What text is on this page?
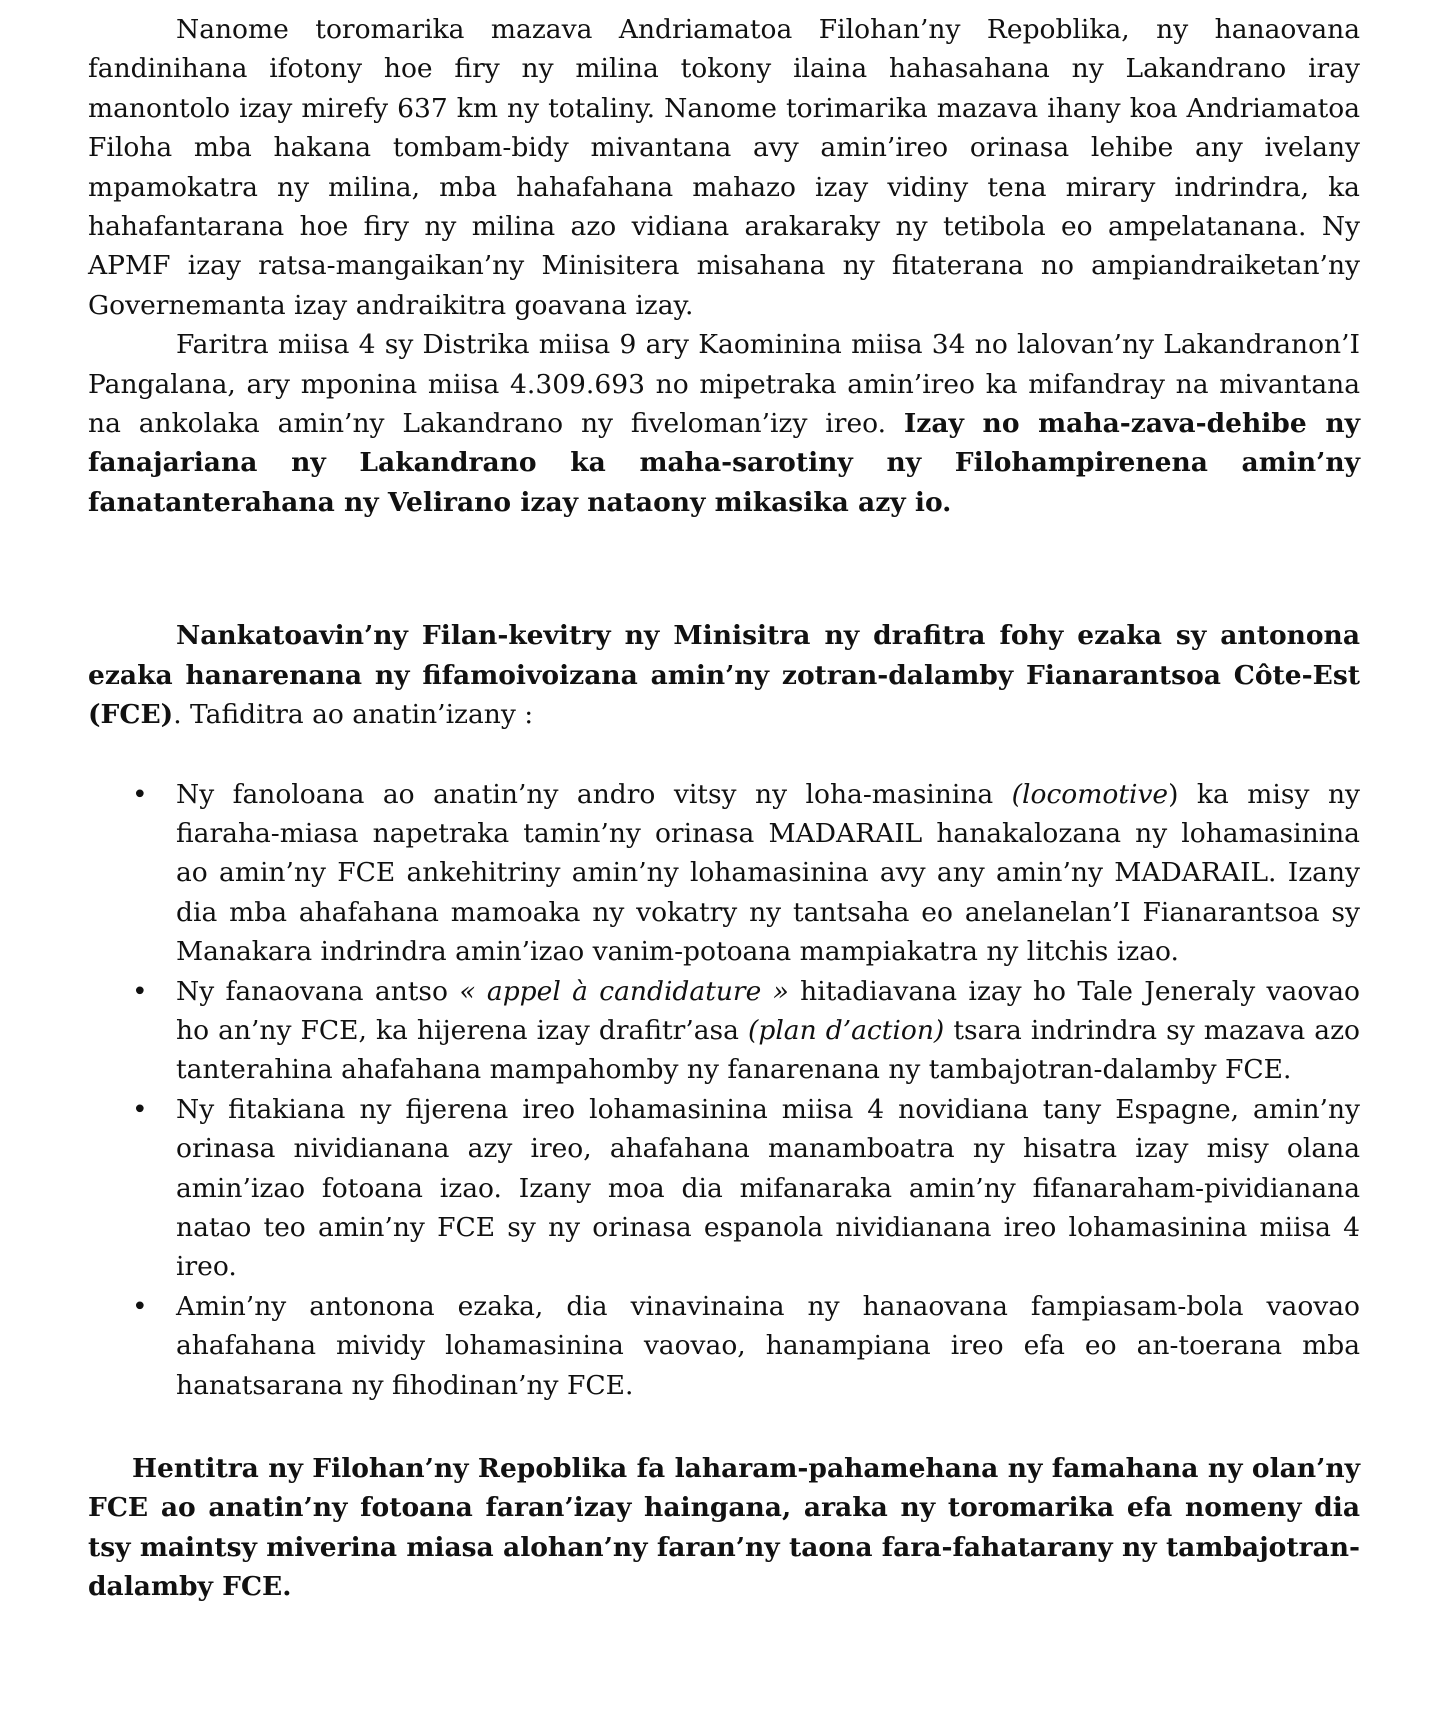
Nanome toromarika mazava Andriamatoa Filohan’ny Repoblika, ny hanaovana fandinihana ifotony hoe firy ny milina tokony ilaina hahasahana ny Lakandrano iray manontolo izay mirefy 637 km ny totaliny. Nanome torimarika mazava ihany koa Andriamatoa Filoha mba hakana tombam-bidy mivantana avy amin’ireo orinasa lehibe any ivelany mpamokatra ny milina, mba hahafahana mahazo izay vidiny tena mirary indrindra, ka hahafantarana hoe firy ny milina azo vidiana arakaraky ny tetibola eo ampelatanana. Ny APMF izay ratsa-mangaikan’ny Minisitera misahana ny fitaterana no ampiandraiketan’ny Governemanta izay andraikitra goavana izay.

Faritra miisa 4 sy Distrika miisa 9 ary Kaominina miisa 34 no lalovan’ny Lakandranon’I Pangalana, ary mponina miisa 4.309.693 no mipetraka amin’ireo ka mifandray na mivantana na ankolaka amin’ny Lakandrano ny fiveloman’izy ireo. Izay no maha-zava-dehibe ny fanajariana ny Lakandrano ka maha-sarotiny ny Filohampirenena amin’ny fanatanterahana ny Velirano izay nataony mikasika azy io.

Nankatoavin’ny Filan-kevitry ny Minisitra ny drafitra fohy ezaka sy antonona ezaka hanarenana ny fifamoivoizana amin’ny zotran-dalamby Fianarantsoa Côte-Est (FCE). Tafiditra ao anatin’izany :

• Ny fanoloana ao anatin’ny andro vitsy ny loha-masinina (locomotive) ka misy ny fiaraha-miasa napetraka tamin’ny orinasa MADARAIL hanakalozana ny lohamasinina ao amin’ny FCE ankehitriny amin’ny lohamasinina avy any amin’ny MADARAIL. Izany dia mba ahafahana mamoaka ny vokatry ny tantsaha eo anelanelan’I Fianarantsoa sy Manakara indrindra amin’izao vanim-potoana mampiakatra ny litchis izao.
• Ny fanaovana antso « appel à candidature » hitadiavana izay ho Tale Jeneraly vaovao ho an’ny FCE, ka hijerena izay drafitr’asa (plan d’action) tsara indrindra sy mazava azo tanterahina ahafahana mampahomby ny fanarenana ny tambajotran-dalamby FCE.
• Ny fitakiana ny fijerena ireo lohamasinina miisa 4 novidiana tany Espagne, amin’ny orinasa nividianana azy ireo, ahafahana manamboatra ny hisatra izay misy olana amin’izao fotoana izao. Izany moa dia mifanaraka amin’ny fifanaraham-pividianana natao teo amin’ny FCE sy ny orinasa espanola nividianana ireo lohamasinina miisa 4 ireo.
• Amin’ny antonona ezaka, dia vinavinaina ny hanaovana fampiasam-bola vaovao ahafahana mividy lohamasinina vaovao, hanampiana ireo efa eo an-toerana mba hanatsarana ny fihodinan’ny FCE.

Hentitra ny Filohan’ny Repoblika fa laharam-pahamehana ny famahana ny olan’ny FCE ao anatin’ny fotoana faran’izay haingana, araka ny toromarika efa nomeny dia tsy maintsy miverina miasa alohan’ny faran’ny taona fara-fahatarany ny tambajotran-dalamby FCE.
